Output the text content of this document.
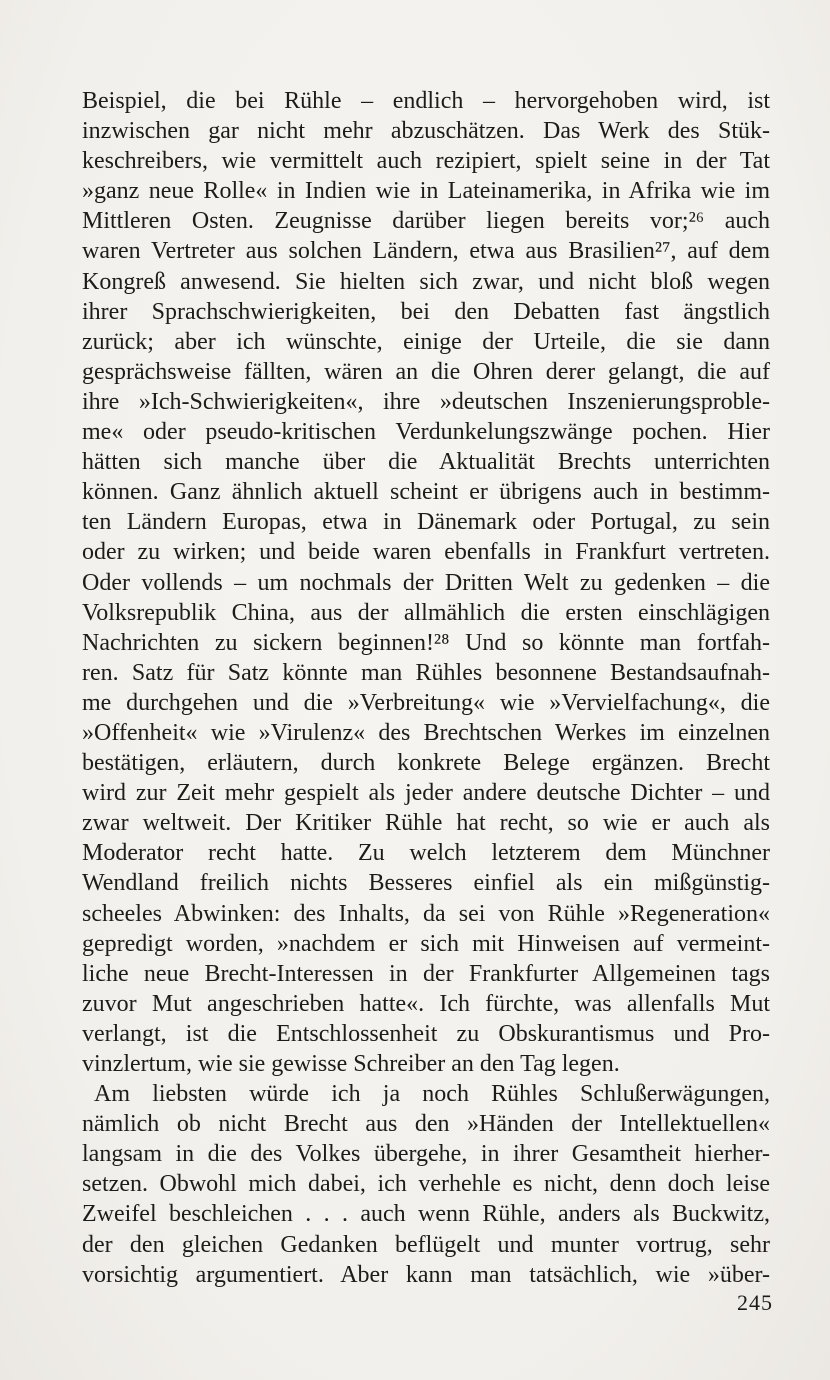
Beispiel, die bei Rühle – endlich – hervorgehoben wird, ist
inzwischen gar nicht mehr abzuschätzen. Das Werk des Stük-
keschreibers, wie vermittelt auch rezipiert, spielt seine in der Tat
»ganz neue Rolle« in Indien wie in Lateinamerika, in Afrika wie im
Mittleren Osten. Zeugnisse darüber liegen bereits vor;²⁶ auch
waren Vertreter aus solchen Ländern, etwa aus Brasilien²⁷, auf dem
Kongreß anwesend. Sie hielten sich zwar, und nicht bloß wegen
ihrer Sprachschwierigkeiten, bei den Debatten fast ängstlich
zurück; aber ich wünschte, einige der Urteile, die sie dann
gesprächsweise fällten, wären an die Ohren derer gelangt, die auf
ihre »Ich-Schwierigkeiten«, ihre »deutschen Inszenierungsproble-
me« oder pseudo-kritischen Verdunkelungszwänge pochen. Hier
hätten sich manche über die Aktualität Brechts unterrichten
können. Ganz ähnlich aktuell scheint er übrigens auch in bestimm-
ten Ländern Europas, etwa in Dänemark oder Portugal, zu sein
oder zu wirken; und beide waren ebenfalls in Frankfurt vertreten.
Oder vollends – um nochmals der Dritten Welt zu gedenken – die
Volksrepublik China, aus der allmählich die ersten einschlägigen
Nachrichten zu sickern beginnen!²⁸ Und so könnte man fortfah-
ren. Satz für Satz könnte man Rühles besonnene Bestandsaufnah-
me durchgehen und die »Verbreitung« wie »Vervielfachung«, die
»Offenheit« wie »Virulenz« des Brechtschen Werkes im einzelnen
bestätigen, erläutern, durch konkrete Belege ergänzen. Brecht
wird zur Zeit mehr gespielt als jeder andere deutsche Dichter – und
zwar weltweit. Der Kritiker Rühle hat recht, so wie er auch als
Moderator recht hatte. Zu welch letzterem dem Münchner
Wendland freilich nichts Besseres einfiel als ein mißgünstig-
scheeles Abwinken: des Inhalts, da sei von Rühle »Regeneration«
gepredigt worden, »nachdem er sich mit Hinweisen auf vermeint-
liche neue Brecht-Interessen in der Frankfurter Allgemeinen tags
zuvor Mut angeschrieben hatte«. Ich fürchte, was allenfalls Mut
verlangt, ist die Entschlossenheit zu Obskurantismus und Pro-
vinzlertum, wie sie gewisse Schreiber an den Tag legen.
Am liebsten würde ich ja noch Rühles Schlußerwägungen,
nämlich ob nicht Brecht aus den »Händen der Intellektuellen«
langsam in die des Volkes übergehe, in ihrer Gesamtheit hierher-
setzen. Obwohl mich dabei, ich verhehle es nicht, denn doch leise
Zweifel beschleichen . . . auch wenn Rühle, anders als Buckwitz,
der den gleichen Gedanken beflügelt und munter vortrug, sehr
vorsichtig argumentiert. Aber kann man tatsächlich, wie »über-
245
